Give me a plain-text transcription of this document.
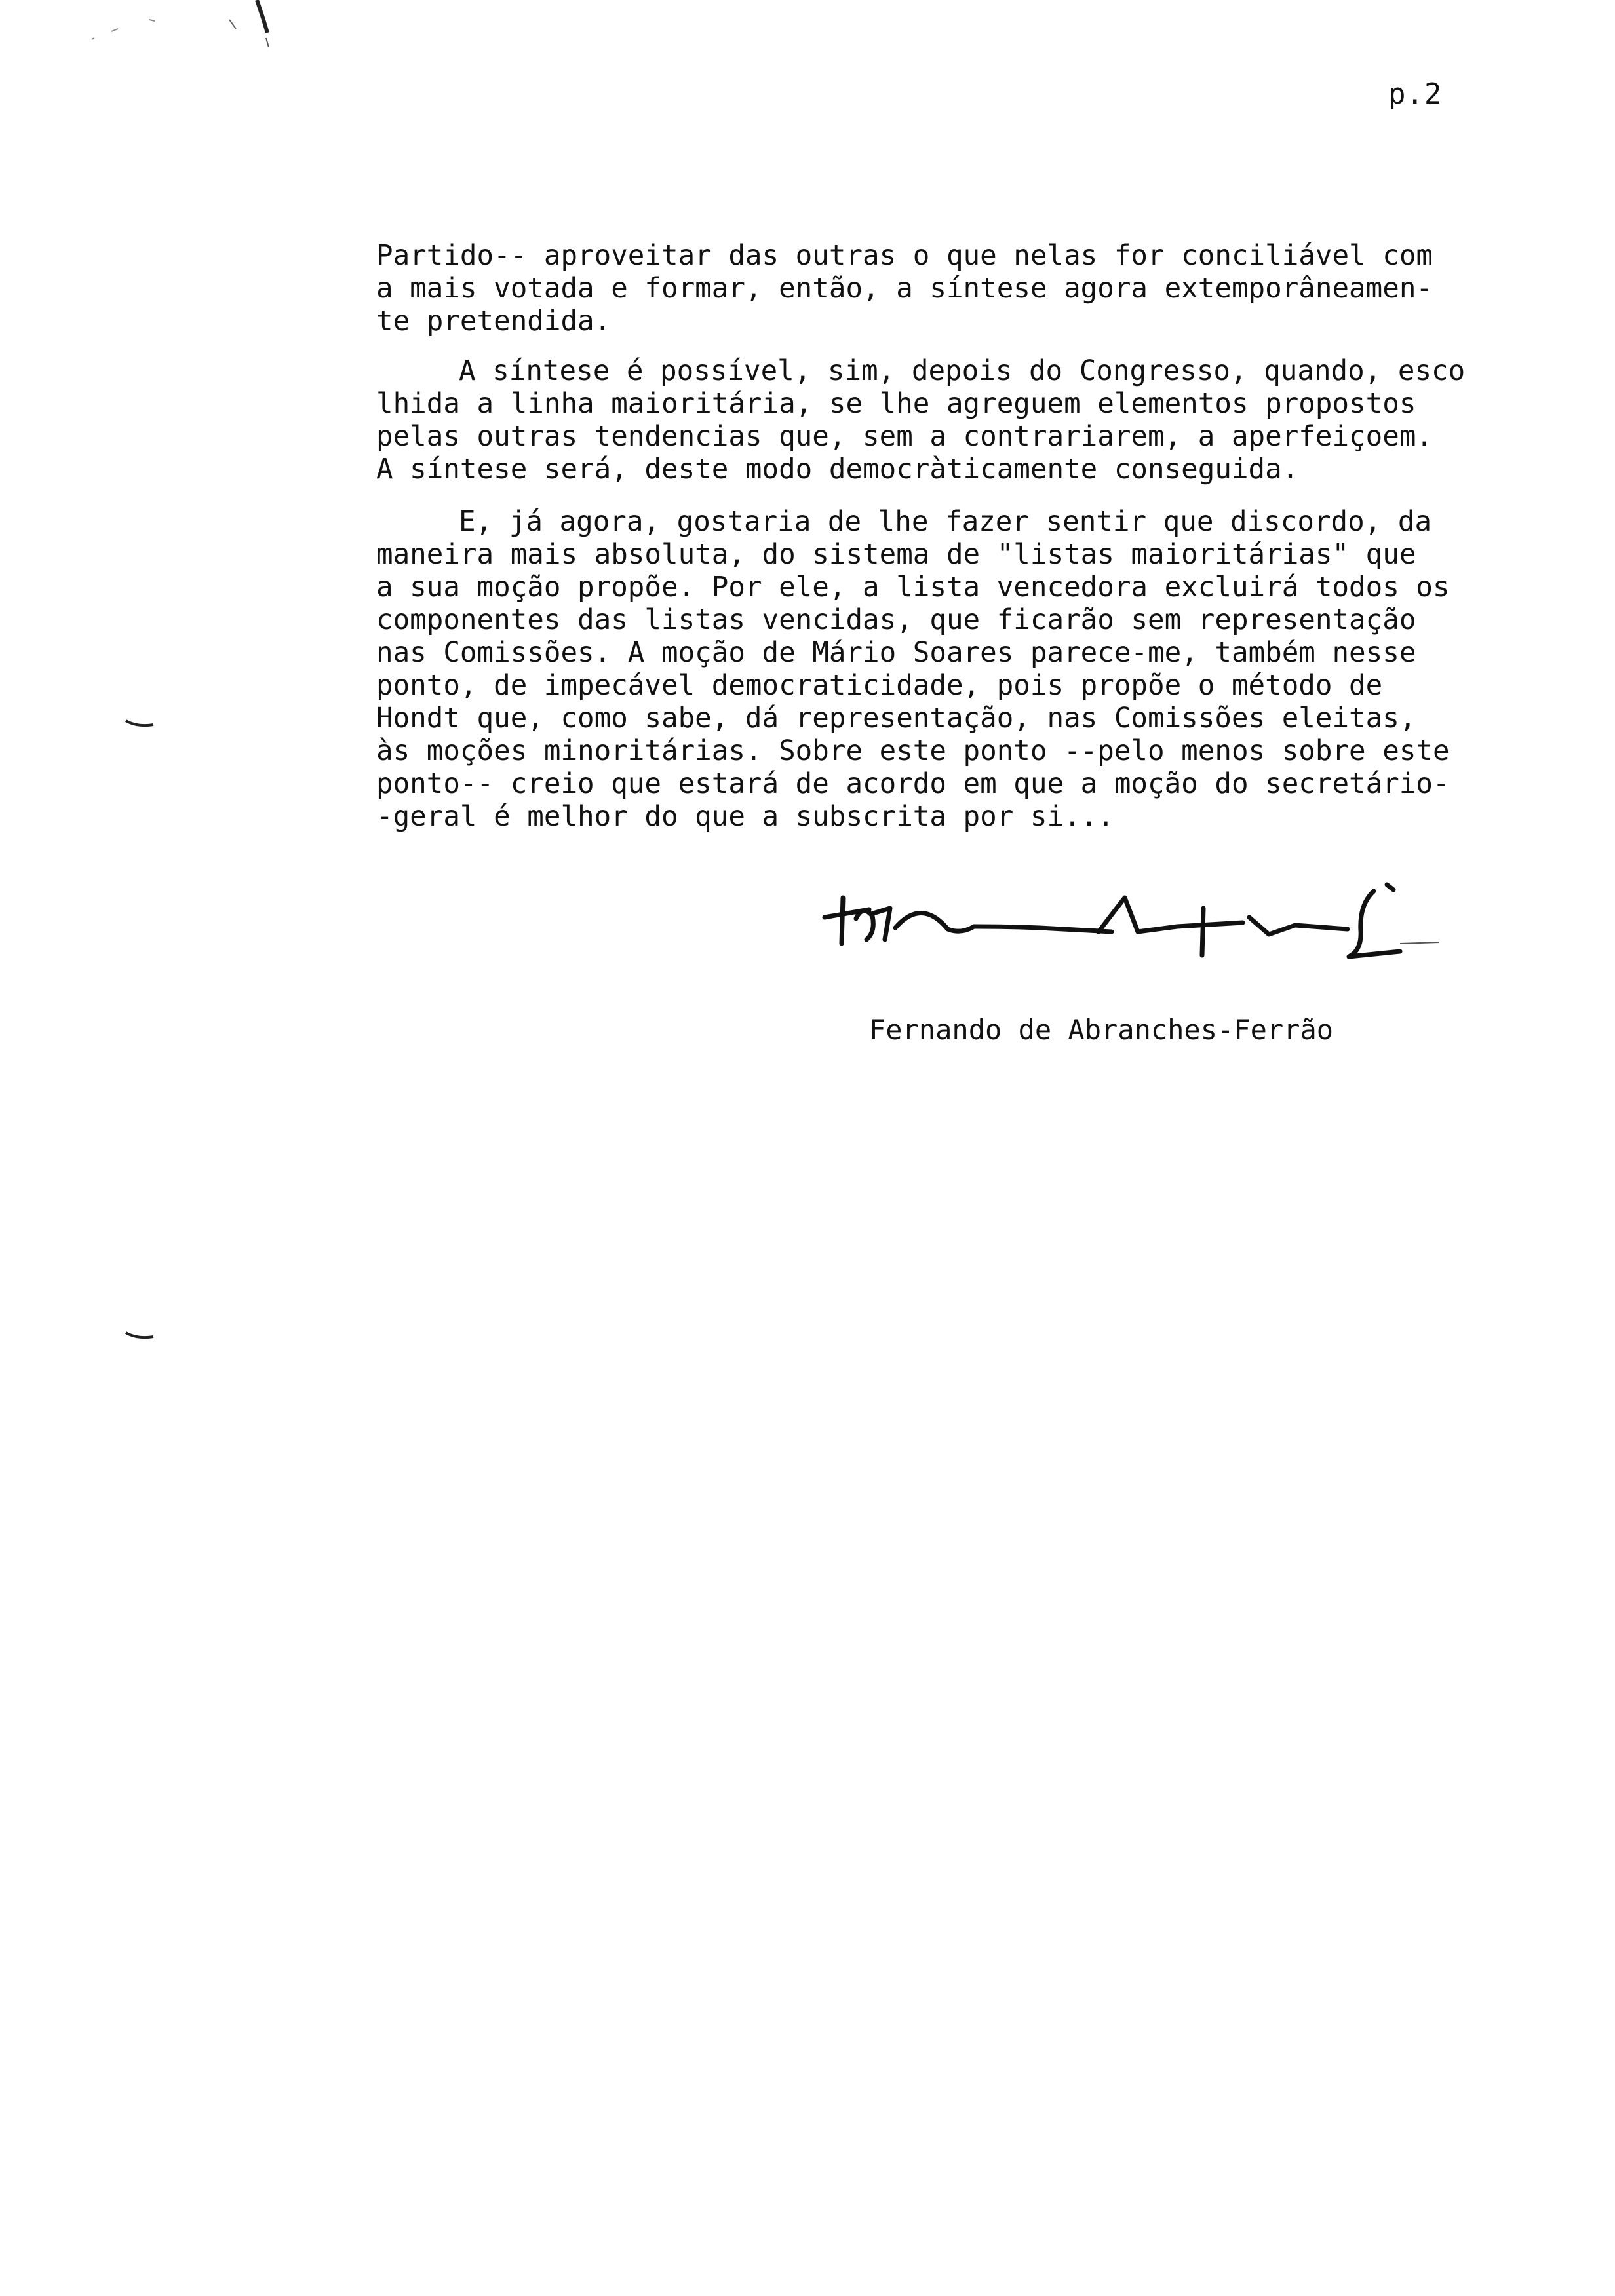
p.2
Partido-- aproveitar das outras o que nelas for conciliável com
a mais votada e formar, então, a síntese agora extemporâneamen-
te pretendida.
A síntese é possível, sim, depois do Congresso, quando, esco
lhida a linha maioritária, se lhe agreguem elementos propostos
pelas outras tendencias que, sem a contrariarem, a aperfeiçoem.
A síntese será, deste modo democràticamente conseguida.
E, já agora, gostaria de lhe fazer sentir que discordo, da
maneira mais absoluta, do sistema de "listas maioritárias" que
a sua moção propõe. Por ele, a lista vencedora excluirá todos os
componentes das listas vencidas, que ficarão sem representação
nas Comissões. A moção de Mário Soares parece-me, também nesse
ponto, de impecável democraticidade, pois propõe o método de
Hondt que, como sabe, dá representação, nas Comissões eleitas,
às moções minoritárias. Sobre este ponto --pelo menos sobre este
ponto-- creio que estará de acordo em que a moção do secretário-
-geral é melhor do que a subscrita por si...
Fernando de Abranches-Ferrão
